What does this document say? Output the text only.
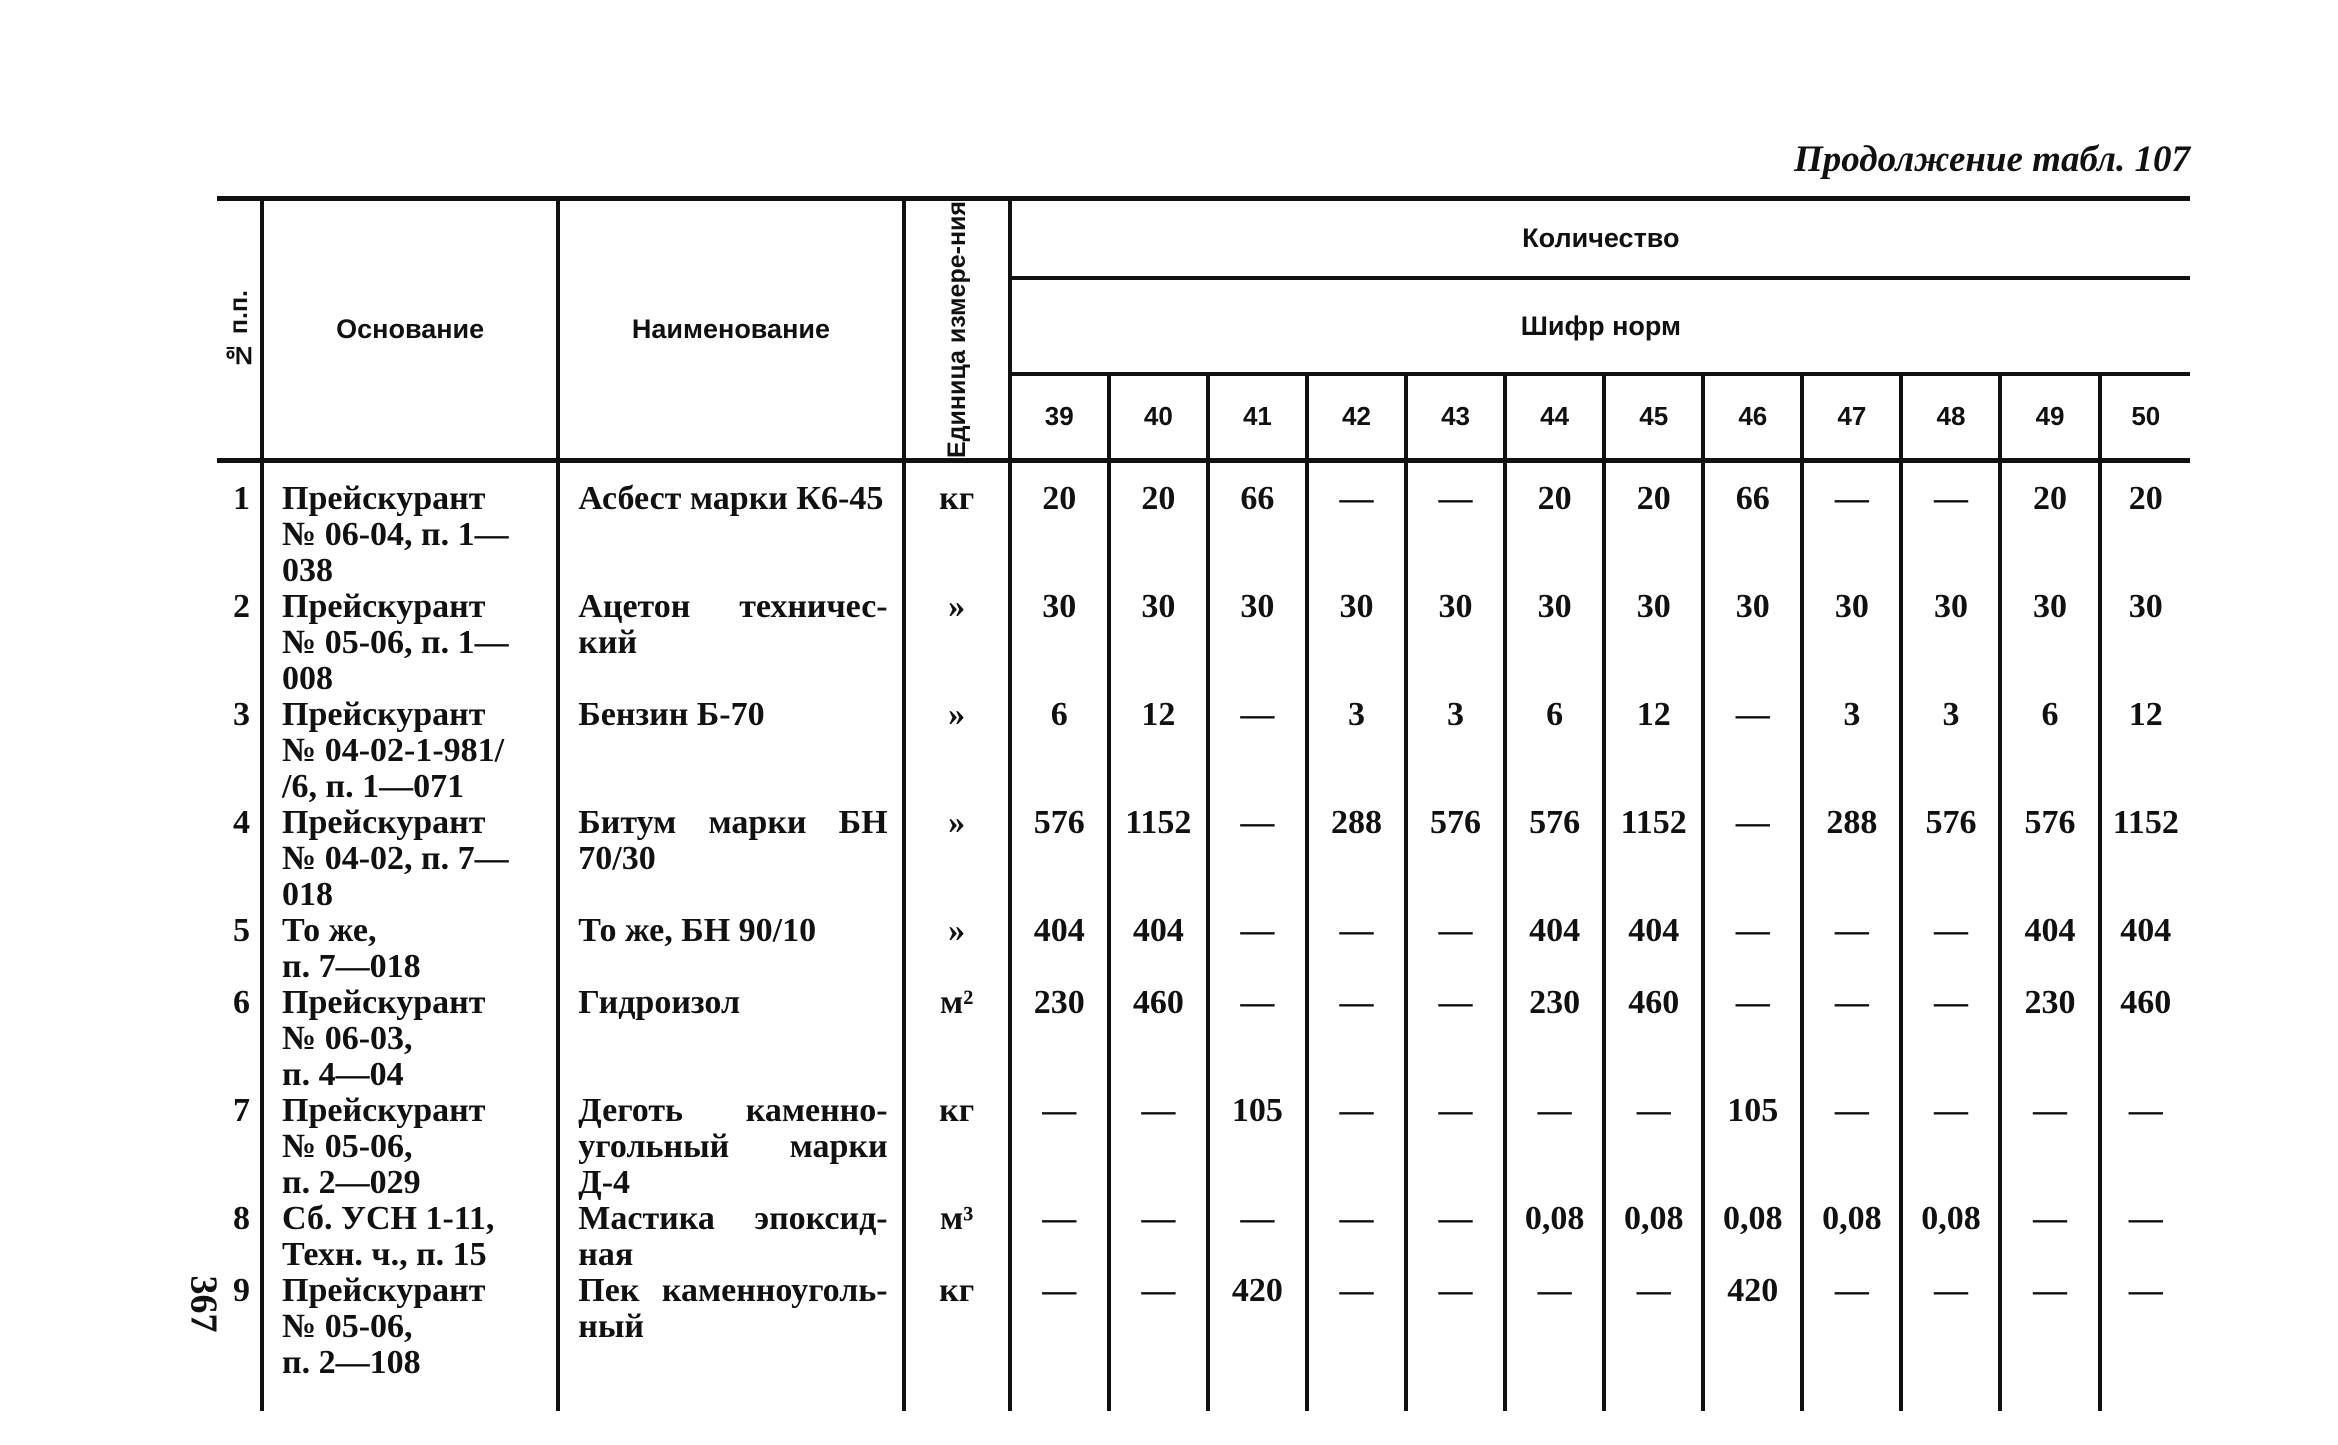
Продолжение табл. 107
367
№ п.п.	Основание	Наименование	Единица измере-ния	Количество											
				Шифр норм											
				39	40	41	42	43	44	45	46	47	48	49	50
1	Прейскурант
№ 06-04, п. 1—
038	Асбест марки К6-45	кг	20	20	66	—	—	20	20	66	—	—	20	20
2	Прейскурант
№ 05-06, п. 1—
008	Ацетон техничес-кий	»	30	30	30	30	30	30	30	30	30	30	30	30
3	Прейскурант
№ 04-02-1-981/
/6, п. 1—071	Бензин Б-70	»	6	12	—	3	3	6	12	—	3	3	6	12
4	Прейскурант
№ 04-02, п. 7—
018	Битум марки БН 70/30	»	576	1152	—	288	576	576	1152	—	288	576	576	1152
5	То же,
п. 7—018	То же, БН 90/10	»	404	404	—	—	—	404	404	—	—	—	404	404
6	Прейскурант
№ 06-03,
п. 4—04	Гидроизол	м²	230	460	—	—	—	230	460	—	—	—	230	460
7	Прейскурант
№ 05-06,
п. 2—029	Деготь каменно-угольный марки Д-4	кг	—	—	105	—	—	—	—	105	—	—	—	—
8	Сб. УСН 1-11,
Техн. ч., п. 15	Мастика эпоксид-ная	м³	—	—	—	—	—	0,08	0,08	0,08	0,08	0,08	—	—
9	Прейскурант
№ 05-06,
п. 2—108	Пек каменноуголь-ный	кг	—	—	420	—	—	—	—	420	—	—	—	—
